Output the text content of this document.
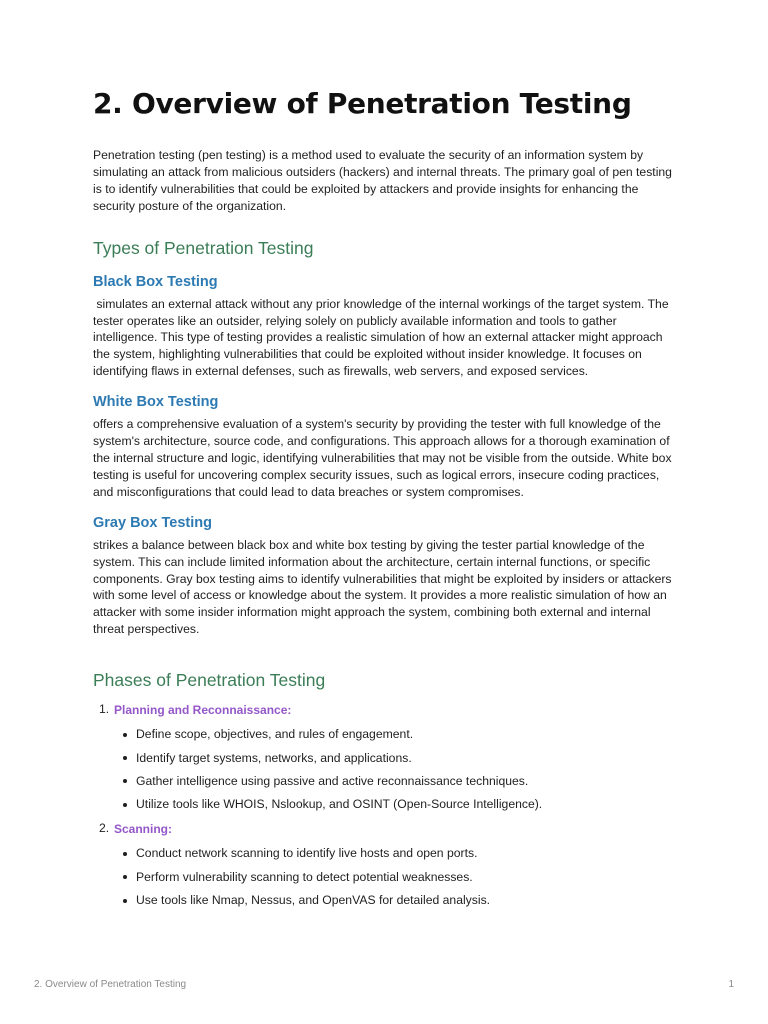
2. Overview of Penetration Testing

Penetration testing (pen testing) is a method used to evaluate the security of an information system by simulating an attack from malicious outsiders (hackers) and internal threats. The primary goal of pen testing is to identify vulnerabilities that could be exploited by attackers and provide insights for enhancing the security posture of the organization.

Types of Penetration Testing
Black Box Testing

simulates an external attack without any prior knowledge of the internal workings of the target system. The tester operates like an outsider, relying solely on publicly available information and tools to gather intelligence. This type of testing provides a realistic simulation of how an external attacker might approach the system, highlighting vulnerabilities that could be exploited without insider knowledge. It focuses on identifying flaws in external defenses, such as firewalls, web servers, and exposed services.

White Box Testing

offers a comprehensive evaluation of a system's security by providing the tester with full knowledge of the system's architecture, source code, and configurations. This approach allows for a thorough examination of the internal structure and logic, identifying vulnerabilities that may not be visible from the outside. White box testing is useful for uncovering complex security issues, such as logical errors, insecure coding practices, and misconfigurations that could lead to data breaches or system compromises.

Gray Box Testing

strikes a balance between black box and white box testing by giving the tester partial knowledge of the system. This can include limited information about the architecture, certain internal functions, or specific components. Gray box testing aims to identify vulnerabilities that might be exploited by insiders or attackers with some level of access or knowledge about the system. It provides a more realistic simulation of how an attacker with some insider information might approach the system, combining both external and internal threat perspectives.

Phases of Penetration Testing
1. Planning and Reconnaissance:
Define scope, objectives, and rules of engagement.
Identify target systems, networks, and applications.
Gather intelligence using passive and active reconnaissance techniques.
Utilize tools like WHOIS, Nslookup, and OSINT (Open-Source Intelligence).
2. Scanning:
Conduct network scanning to identify live hosts and open ports.
Perform vulnerability scanning to detect potential weaknesses.
Use tools like Nmap, Nessus, and OpenVAS for detailed analysis.
2. Overview of Penetration Testing	1
